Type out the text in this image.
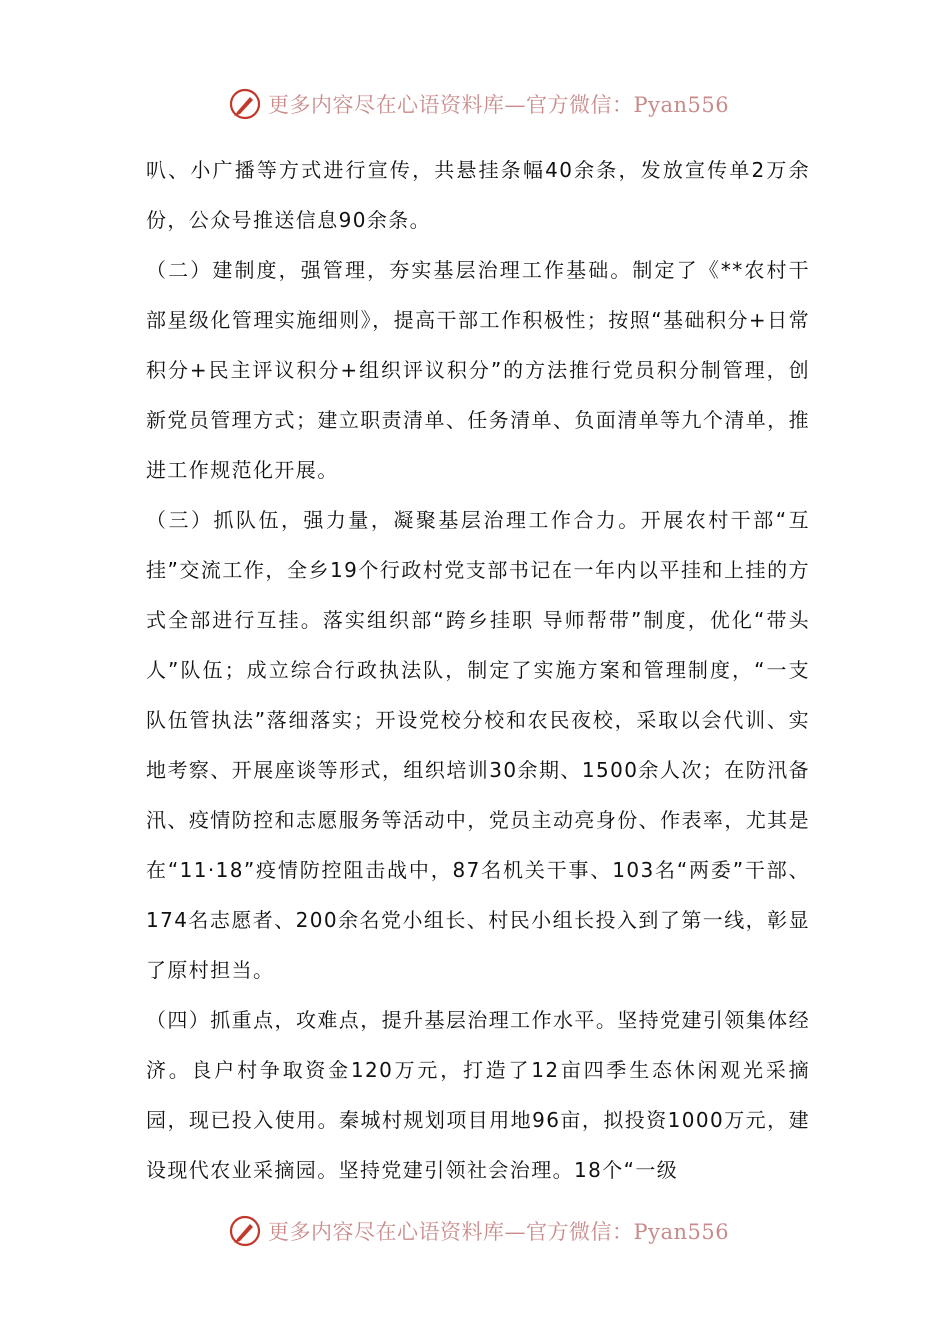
更多内容尽在心语资料库—官方微信：Pyan556

叭、小广播等方式进行宣传，共悬挂条幅40余条，发放宣传单2万余份，公众号推送信息90余条。

（二）建制度，强管理，夯实基层治理工作基础。制定了《**农村干部星级化管理实施细则》，提高干部工作积极性；按照“基础积分+日常积分+民主评议积分+组织评议积分”的方法推行党员积分制管理，创新党员管理方式；建立职责清单、任务清单、负面清单等九个清单，推进工作规范化开展。

（三）抓队伍，强力量，凝聚基层治理工作合力。开展农村干部“互挂”交流工作，全乡19个行政村党支部书记在一年内以平挂和上挂的方式全部进行互挂。落实组织部“跨乡挂职 导师帮带”制度，优化“带头人”队伍；成立综合行政执法队，制定了实施方案和管理制度，“一支队伍管执法”落细落实；开设党校分校和农民夜校，采取以会代训、实地考察、开展座谈等形式，组织培训30余期、1500余人次；在防汛备汛、疫情防控和志愿服务等活动中，党员主动亮身份、作表率，尤其是在“11·18”疫情防控阻击战中，87名机关干事、103名“两委”干部、174名志愿者、200余名党小组长、村民小组长投入到了第一线，彰显了原村担当。

（四）抓重点，攻难点，提升基层治理工作水平。坚持党建引领集体经济。良户村争取资金120万元，打造了12亩四季生态休闲观光采摘园，现已投入使用。秦城村规划项目用地96亩，拟投资1000万元，建设现代农业采摘园。坚持党建引领社会治理。18个“一级

更多内容尽在心语资料库—官方微信：Pyan556
